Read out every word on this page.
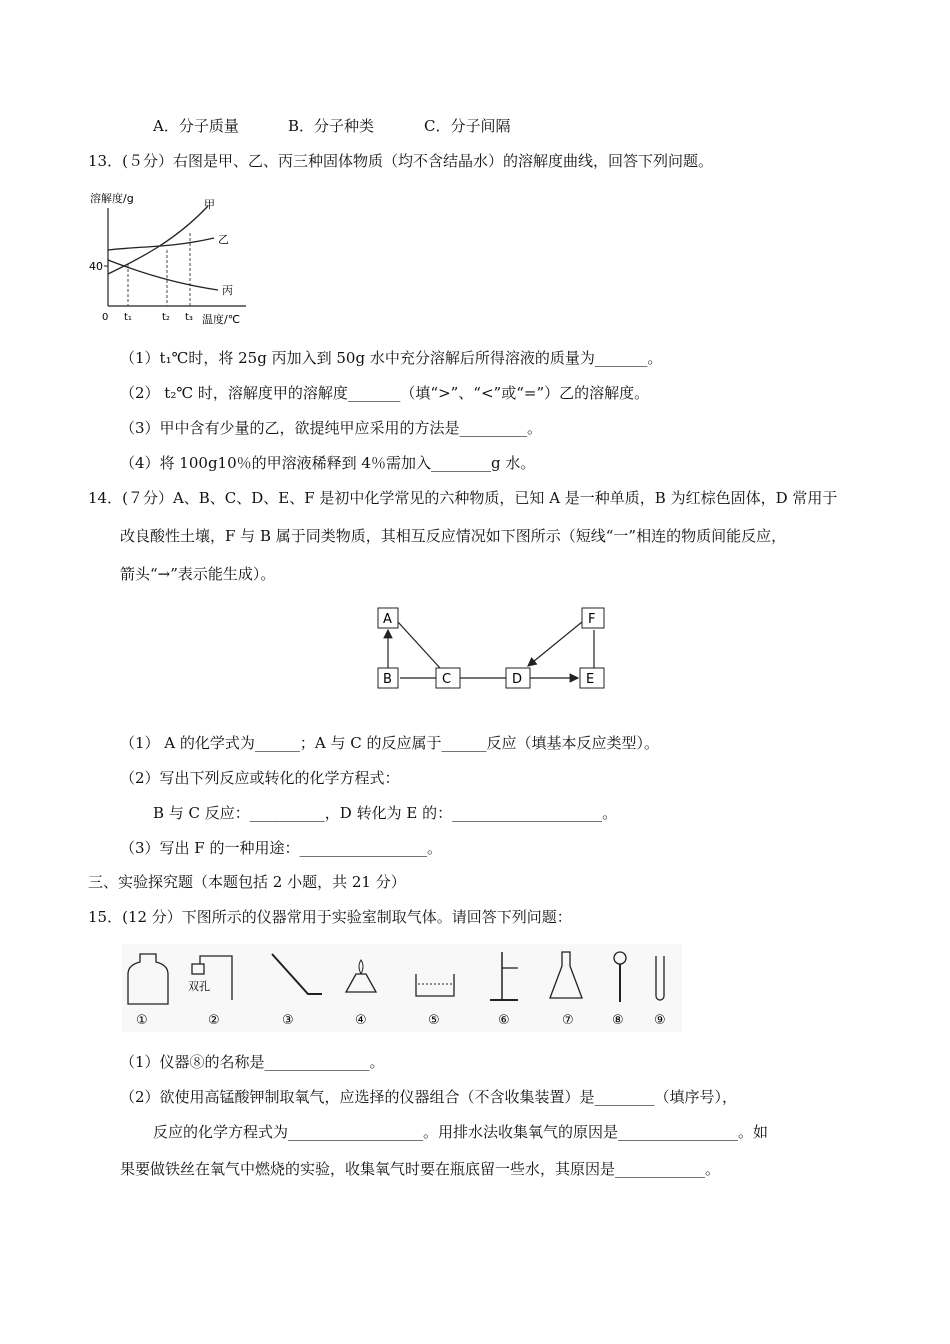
A．分子质量	B．分子种类	C．分子间隔
13．(５分）右图是甲、乙、丙三种固体物质（均不含结晶水）的溶解度曲线，回答下列问题。
溶解度/g
40
0
甲
乙
丙
t₁	t₂ t₃ 温度/℃
（1）t₁℃时，将 25g 丙加入到 50g 水中充分溶解后所得溶液的质量为_______。
（2） t₂℃ 时，溶解度甲的溶解度_______（填“>”、“<”或“=”）乙的溶解度。
（3）甲中含有少量的乙，欲提纯甲应采用的方法是_________。
（4）将 100g10％的甲溶液稀释到 4％需加入________g 水。
14．(７分）A、B、C、D、E、F 是初中化学常见的六种物质，已知 A 是一种单质，B 为红棕色固体，D 常用于
改良酸性土壤，F 与 B 属于同类物质，其相互反应情况如下图所示（短线“一”相连的物质间能反应，
箭头“→”表示能生成）。
A
B	C	D	E
F
（1） A 的化学式为______；A 与 C 的反应属于______反应（填基本反应类型）。
（2）写出下列反应或转化的化学方程式：
B 与 C 反应：__________，D 转化为 E 的：____________________。
（3）写出 F 的一种用途：_________________。
三、实验探究题（本题包括 2 小题，共 21 分）
15．(12 分）下图所示的仪器常用于实验室制取气体。请回答下列问题：
双孔
①	②	③	④	⑤	⑥	⑦	⑧ ⑨
（1）仪器⑧的名称是______________。
（2）欲使用高锰酸钾制取氧气，应选择的仪器组合（不含收集装置）是________（填序号），
反应的化学方程式为__________________。用排水法收集氧气的原因是________________。如
果要做铁丝在氧气中燃烧的实验，收集氧气时要在瓶底留一些水，其原因是____________。
